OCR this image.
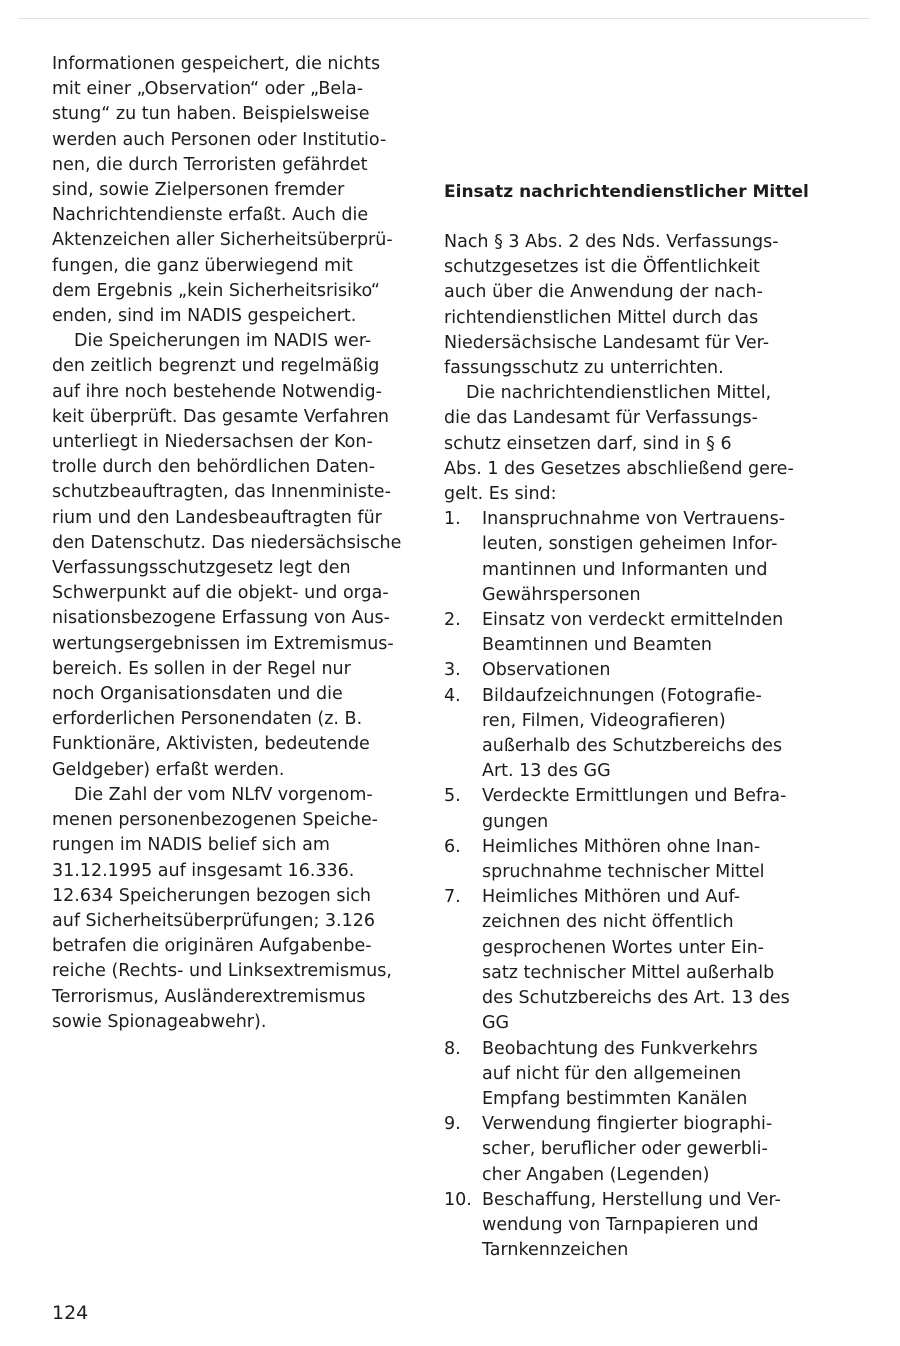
Informationen gespeichert, die nichts
mit einer „Observation“ oder „Bela-
stung“ zu tun haben. Beispielsweise
werden auch Personen oder Institutio-
nen, die durch Terroristen gefährdet
sind, sowie Zielpersonen fremder
Nachrichtendienste erfaßt. Auch die
Aktenzeichen aller Sicherheitsüberprü-
fungen, die ganz überwiegend mit
dem Ergebnis „kein Sicherheitsrisiko“
enden, sind im NADIS gespeichert.
Die Speicherungen im NADIS wer-
den zeitlich begrenzt und regelmäßig
auf ihre noch bestehende Notwendig-
keit überprüft. Das gesamte Verfahren
unterliegt in Niedersachsen der Kon-
trolle durch den behördlichen Daten-
schutzbeauftragten, das Innenministe-
rium und den Landesbeauftragten für
den Datenschutz. Das niedersächsische
Verfassungsschutzgesetz legt den
Schwerpunkt auf die objekt- und orga-
nisationsbezogene Erfassung von Aus-
wertungsergebnissen im Extremismus-
bereich. Es sollen in der Regel nur
noch Organisationsdaten und die
erforderlichen Personendaten (z. B.
Funktionäre, Aktivisten, bedeutende
Geldgeber) erfaßt werden.
Die Zahl der vom NLfV vorgenom-
menen personenbezogenen Speiche-
rungen im NADIS belief sich am
31.12.1995 auf insgesamt 16.336.
12.634 Speicherungen bezogen sich
auf Sicherheitsüberprüfungen; 3.126
betrafen die originären Aufgabenbe-
reiche (Rechts- und Linksextremismus,
Terrorismus, Ausländerextremismus
sowie Spionageabwehr).
Einsatz nachrichtendienstlicher Mittel
Nach § 3 Abs. 2 des Nds. Verfassungs-
schutzgesetzes ist die Öffentlichkeit
auch über die Anwendung der nach-
richtendienstlichen Mittel durch das
Niedersächsische Landesamt für Ver-
fassungsschutz zu unterrichten.
Die nachrichtendienstlichen Mittel,
die das Landesamt für Verfassungs-
schutz einsetzen darf, sind in § 6
Abs. 1 des Gesetzes abschließend gere-
gelt. Es sind:
1.	Inanspruchnahme von Vertrauens-
leuten, sonstigen geheimen Infor-
mantinnen und Informanten und
Gewährspersonen
2.	Einsatz von verdeckt ermittelnden
Beamtinnen und Beamten
3.	Observationen
4.	Bildaufzeichnungen (Fotografie-
ren, Filmen, Videografieren)
außerhalb des Schutzbereichs des
Art. 13 des GG
5.	Verdeckte Ermittlungen und Befra-
gungen
6.	Heimliches Mithören ohne Inan-
spruchnahme technischer Mittel
7.	Heimliches Mithören und Auf-
zeichnen des nicht öffentlich
gesprochenen Wortes unter Ein-
satz technischer Mittel außerhalb
des Schutzbereichs des Art. 13 des
GG
8.	Beobachtung des Funkverkehrs
auf nicht für den allgemeinen
Empfang bestimmten Kanälen
9.	Verwendung fingierter biographi-
scher, beruflicher oder gewerbli-
cher Angaben (Legenden)
10. Beschaffung, Herstellung und Ver-
wendung von Tarnpapieren und
Tarnkennzeichen
124
